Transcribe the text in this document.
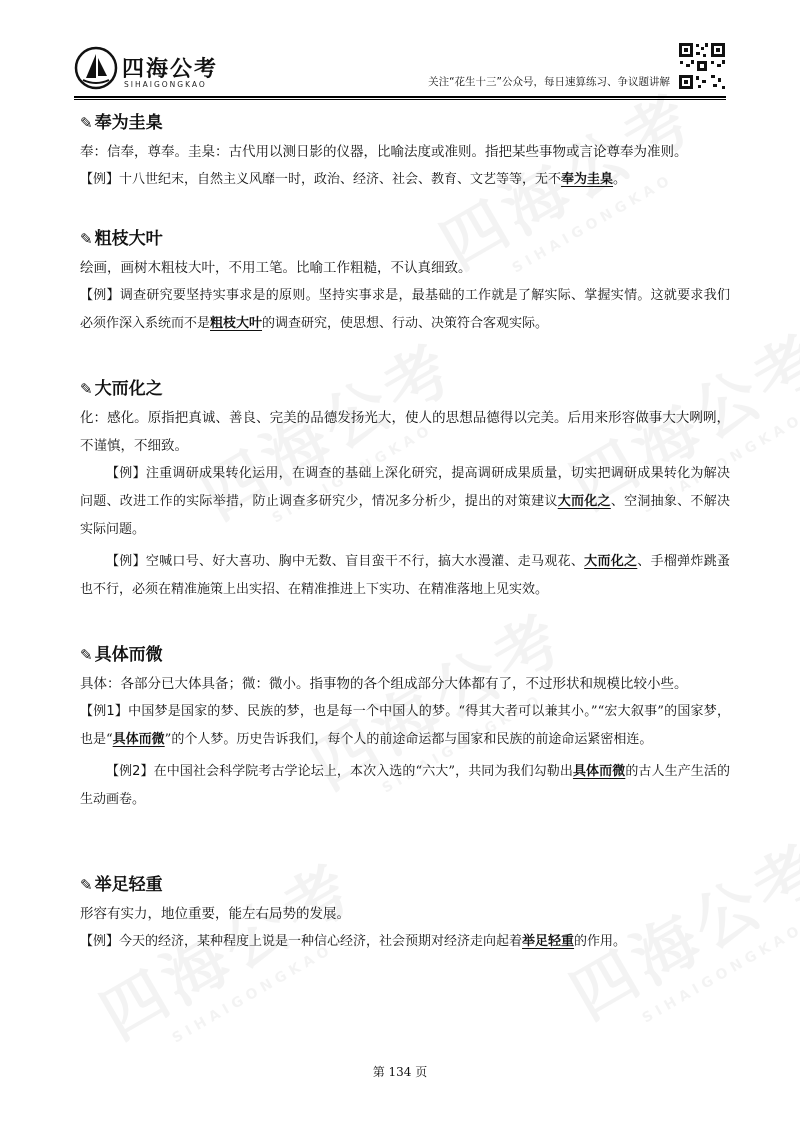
四海公考
SIHAIGONGKAO	关注“花生十三”公众号，每日速算练习、争议题讲解
✎ 奉为圭臬

奉：信奉，尊奉。圭臬：古代用以测日影的仪器，比喻法度或准则。指把某些事物或言论尊奉为准则。

【例】十八世纪末，自然主义风靡一时，政治、经济、社会、教育、文艺等等，无不奉为圭臬。

✎ 粗枝大叶

绘画，画树木粗枝大叶，不用工笔。比喻工作粗糙，不认真细致。

【例】调查研究要坚持实事求是的原则。坚持实事求是，最基础的工作就是了解实际、掌握实情。这就要求我们必须作深入系统而不是粗枝大叶的调查研究，使思想、行动、决策符合客观实际。

✎ 大而化之

化：感化。原指把真诚、善良、完美的品德发扬光大，使人的思想品德得以完美。后用来形容做事大大咧咧，不谨慎，不细致。

【例】注重调研成果转化运用，在调查的基础上深化研究，提高调研成果质量，切实把调研成果转化为解决问题、改进工作的实际举措，防止调查多研究少，情况多分析少，提出的对策建议大而化之、空洞抽象、不解决实际问题。

【例】空喊口号、好大喜功、胸中无数、盲目蛮干不行，搞大水漫灌、走马观花、大而化之、手榴弹炸跳蚤也不行，必须在精准施策上出实招、在精准推进上下实功、在精准落地上见实效。

✎ 具体而微

具体：各部分已大体具备；微：微小。指事物的各个组成部分大体都有了，不过形状和规模比较小些。

【例1】中国梦是国家的梦、民族的梦，也是每一个中国人的梦。“得其大者可以兼其小。”“宏大叙事”的国家梦，也是“具体而微”的个人梦。历史告诉我们，每个人的前途命运都与国家和民族的前途命运紧密相连。

【例2】在中国社会科学院考古学论坛上，本次入选的“六大”，共同为我们勾勒出具体而微的古人生产生活的生动画卷。

✎ 举足轻重

形容有实力，地位重要，能左右局势的发展。

【例】今天的经济，某种程度上说是一种信心经济，社会预期对经济走向起着举足轻重的作用。

第 134 页
